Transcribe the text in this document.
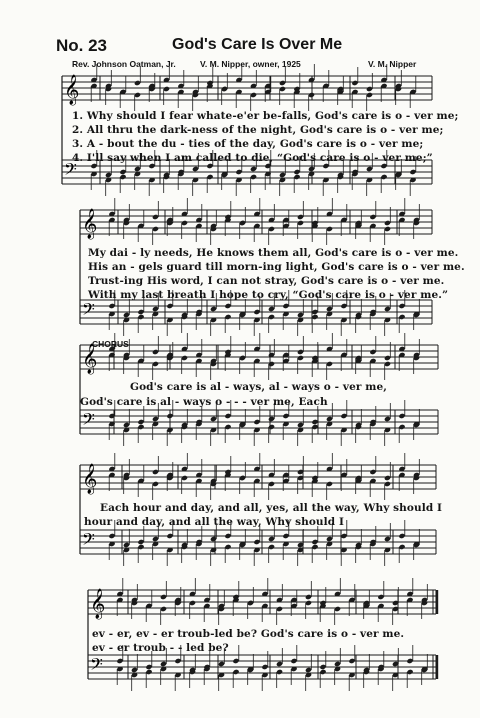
No. 23	God's Care Is Over Me
Rev. Johnson Oatman, Jr.	V. M. Nipper, owner, 1925	V. M. Nipper
𝄞
𝄢
𝄞
𝄢
𝄞
𝄢
𝄞
𝄢
𝄞
𝄢
1. Why should I fear whate-e'er be-falls, God's care is o - ver me;
2. All thru the dark-ness of the night, God's care is o - ver me;
3. A - bout the du - ties of the day, God's care is o - ver me;
4. I'll say when I am called to die, “God's care is o - ver me;”
My dai - ly needs, He knows them all, God's care is o - ver me.
His an - gels guard till morn-ing light, God's care is o - ver me.
Trust-ing His word, I can not stray, God's care is o - ver me.
With my last breath I hope to cry, “God's care is o - ver me.”
CHORUS
God's care is al - ways, al - ways o - ver me,
God's care is al - ways o - - - ver me, Each
Each hour and day, and all, yes, all the way, Why should I
hour and day, and all the way, Why should I
ev - er, ev - er troub-led be? God's care is o - ver me.
ev - er troub - - led be?
